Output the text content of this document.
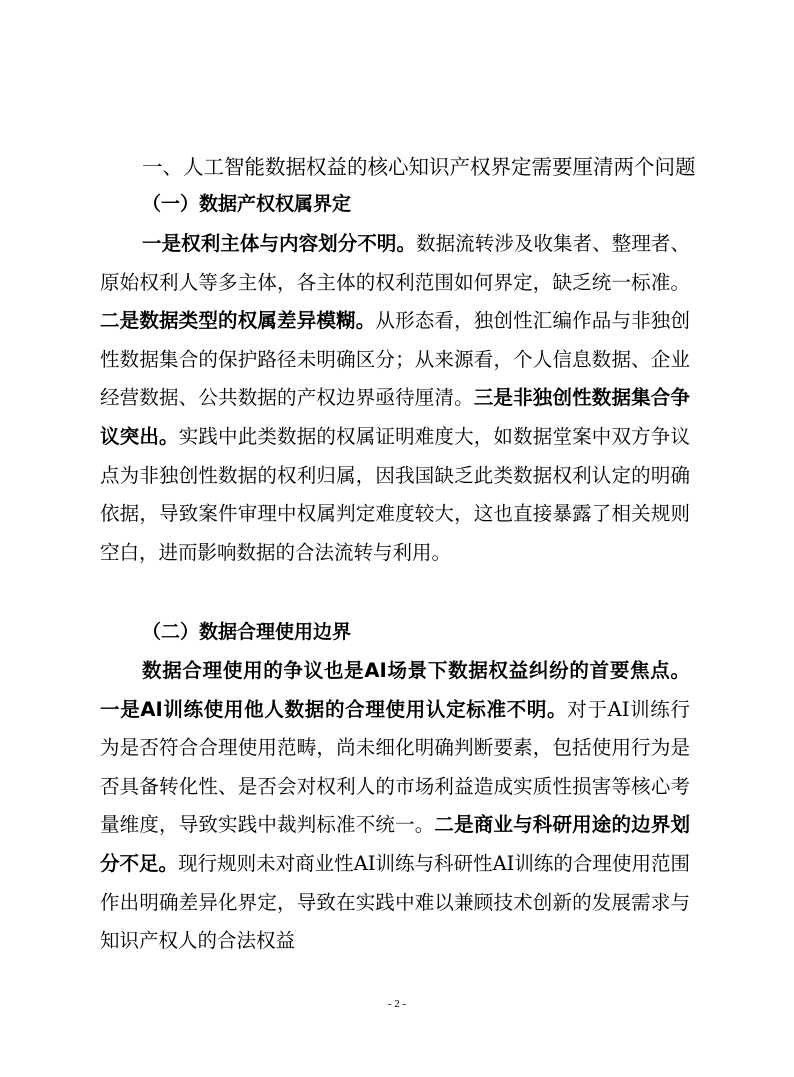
一、人工智能数据权益的核心知识产权界定需要厘清两个问题
（一）数据产权权属界定

一是权利主体与内容划分不明。数据流转涉及收集者、整理者、原始权利人等多主体，各主体的权利范围如何界定，缺乏统一标准。二是数据类型的权属差异模糊。从形态看，独创性汇编作品与非独创性数据集合的保护路径未明确区分；从来源看，个人信息数据、企业经营数据、公共数据的产权边界亟待厘清。三是非独创性数据集合争议突出。实践中此类数据的权属证明难度大，如数据堂案中双方争议点为非独创性数据的权利归属，因我国缺乏此类数据权利认定的明确依据，导致案件审理中权属判定难度较大，这也直接暴露了相关规则空白，进而影响数据的合法流转与利用。

（二）数据合理使用边界

数据合理使用的争议也是AI场景下数据权益纠纷的首要焦点。一是AI训练使用他人数据的合理使用认定标准不明。对于AI训练行为是否符合合理使用范畴，尚未细化明确判断要素，包括使用行为是否具备转化性、是否会对权利人的市场利益造成实质性损害等核心考量维度，导致实践中裁判标准不统一。二是商业与科研用途的边界划分不足。现行规则未对商业性AI训练与科研性AI训练的合理使用范围作出明确差异化界定，导致在实践中难以兼顾技术创新的发展需求与知识产权人的合法权益

- 2 -
